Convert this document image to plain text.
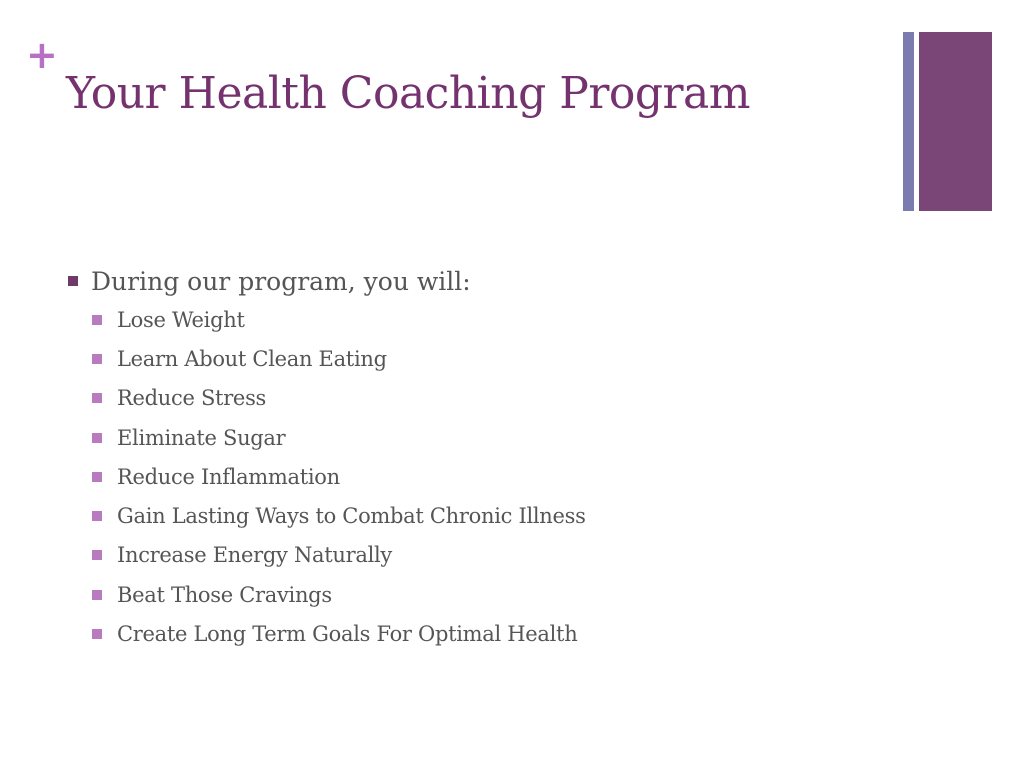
+
Your Health Coaching Program
During our program, you will:
Lose Weight
Learn About Clean Eating
Reduce Stress
Eliminate Sugar
Reduce Inflammation
Gain Lasting Ways to Combat Chronic Illness
Increase Energy Naturally
Beat Those Cravings
Create Long Term Goals For Optimal Health
